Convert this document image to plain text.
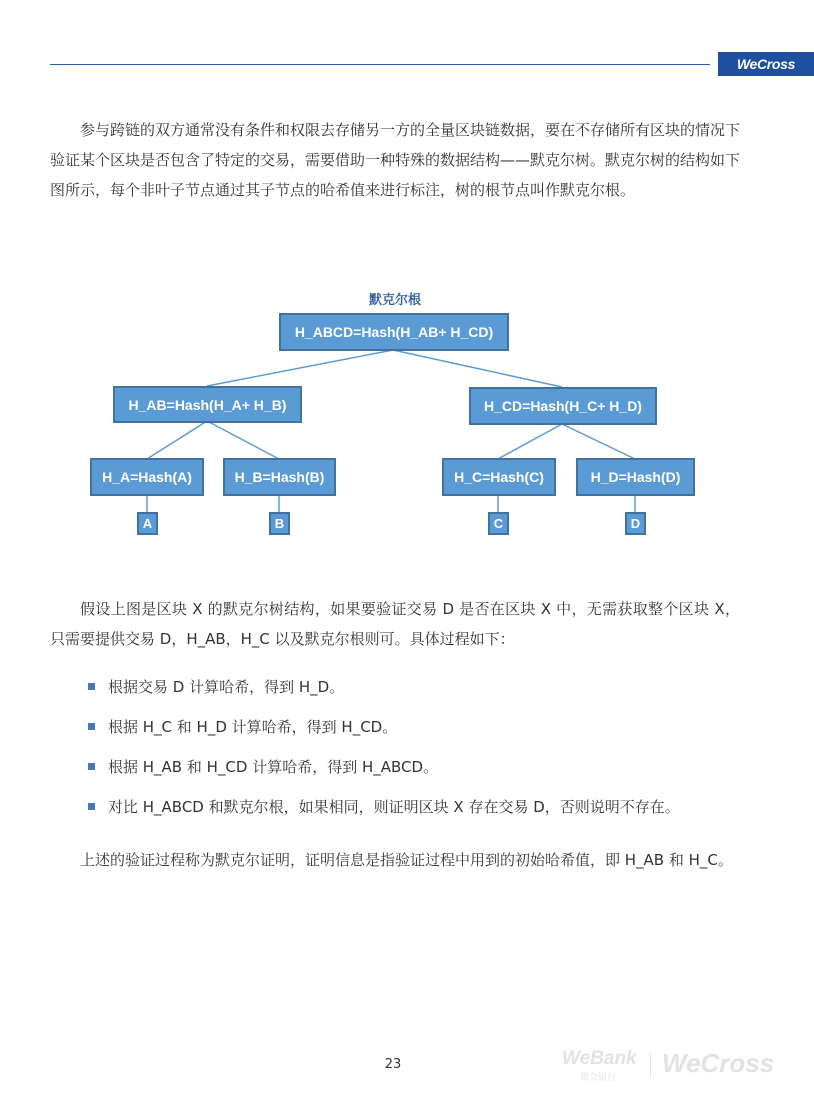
WeCross

参与跨链的双方通常没有条件和权限去存储另一方的全量区块链数据，要在不存储所有区块的情况下验证某个区块是否包含了特定的交易，需要借助一种特殊的数据结构——默克尔树。默克尔树的结构如下图所示，每个非叶子节点通过其子节点的哈希值来进行标注，树的根节点叫作默克尔根。

默克尔根
H_ABCD=Hash(H_AB+ H_CD)
H_AB=Hash(H_A+ H_B)	H_CD=Hash(H_C+ H_D)
H_A=Hash(A)	H_B=Hash(B)	H_C=Hash(C)	H_D=Hash(D)
A	B	C	D

假设上图是区块 X 的默克尔树结构，如果要验证交易 D 是否在区块 X 中，无需获取整个区块 X，只需要提供交易 D，H_AB，H_C 以及默克尔根则可。具体过程如下：

根据交易 D 计算哈希，得到 H_D。
根据 H_C 和 H_D 计算哈希，得到 H_CD。
根据 H_AB 和 H_CD 计算哈希，得到 H_ABCD。
对比 H_ABCD 和默克尔根，如果相同，则证明区块 X 存在交易 D，否则说明不存在。

上述的验证过程称为默克尔证明，证明信息是指验证过程中用到的初始哈希值，即 H_AB 和 H_C。

23	WeBank
微众银行 WeCross
